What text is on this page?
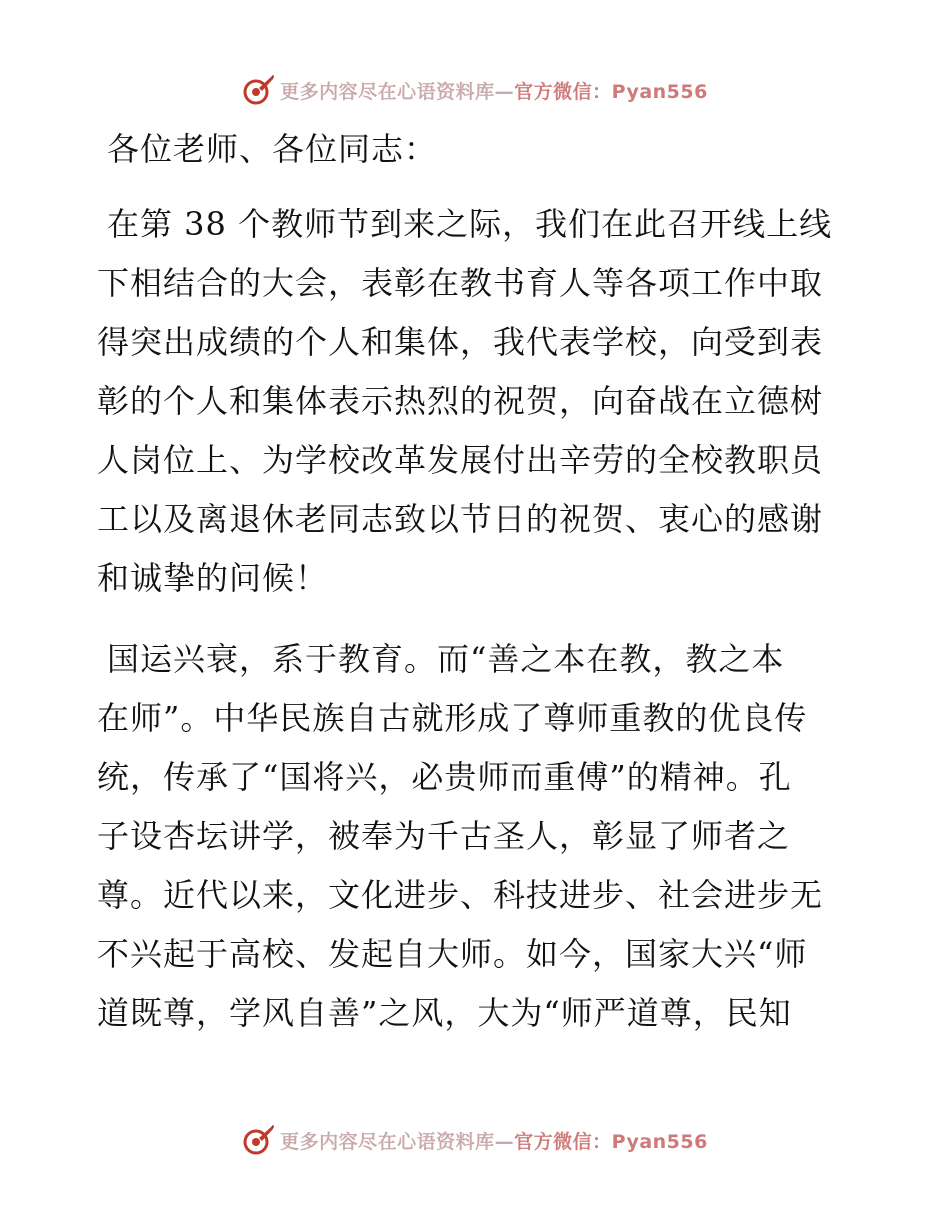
更多内容尽在心语资料库—官方微信：Pyan556
各位老师、各位同志：
在第 38 个教师节到来之际，我们在此召开线上线
下相结合的大会，表彰在教书育人等各项工作中取
得突出成绩的个人和集体，我代表学校，向受到表
彰的个人和集体表示热烈的祝贺，向奋战在立德树
人岗位上、为学校改革发展付出辛劳的全校教职员
工以及离退休老同志致以节日的祝贺、衷心的感谢
和诚挚的问候！
国运兴衰，系于教育。而“善之本在教，教之本
在师”。中华民族自古就形成了尊师重教的优良传
统，传承了“国将兴，必贵师而重傅”的精神。孔
子设杏坛讲学，被奉为千古圣人，彰显了师者之
尊。近代以来，文化进步、科技进步、社会进步无
不兴起于高校、发起自大师。如今，国家大兴“师
道既尊，学风自善”之风，大为“师严道尊，民知
更多内容尽在心语资料库—官方微信：Pyan556
